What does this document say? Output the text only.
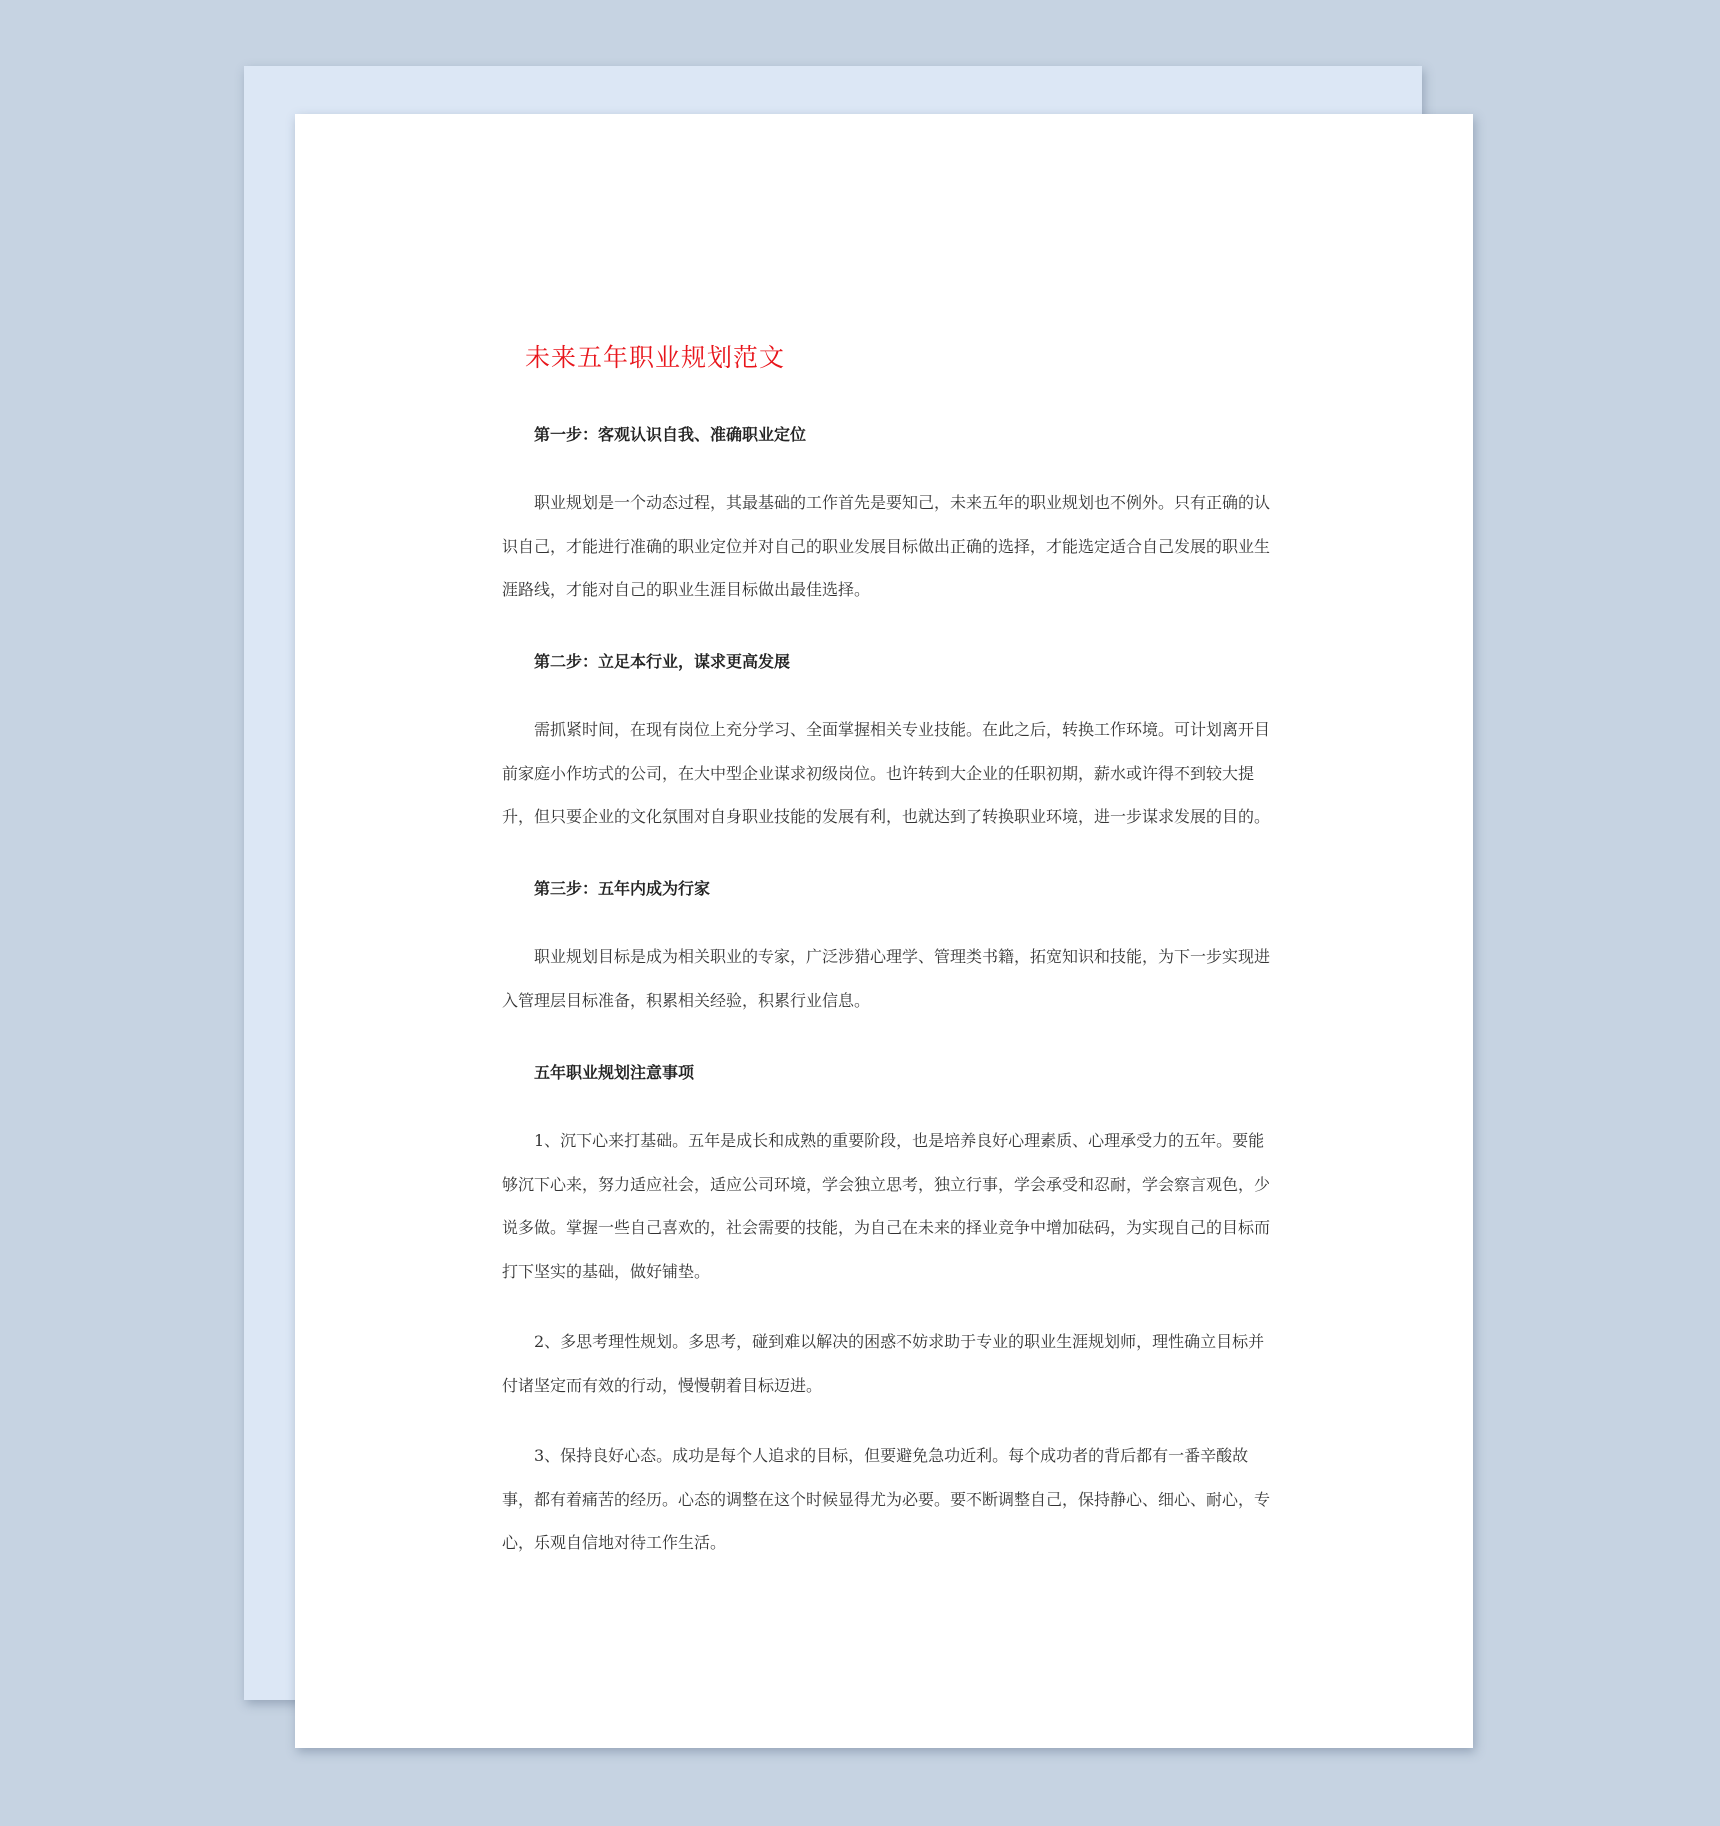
未来五年职业规划范文
第一步：客观认识自我、准确职业定位

职业规划是一个动态过程，其最基础的工作首先是要知己，未来五年的职业规划也不例外。只有正确的认识自己，才能进行准确的职业定位并对自己的职业发展目标做出正确的选择，才能选定适合自己发展的职业生涯路线，才能对自己的职业生涯目标做出最佳选择。

第二步：立足本行业，谋求更高发展

需抓紧时间，在现有岗位上充分学习、全面掌握相关专业技能。在此之后，转换工作环境。可计划离开目前家庭小作坊式的公司，在大中型企业谋求初级岗位。也许转到大企业的任职初期，薪水或许得不到较大提升，但只要企业的文化氛围对自身职业技能的发展有利，也就达到了转换职业环境，进一步谋求发展的目的。

第三步：五年内成为行家

职业规划目标是成为相关职业的专家，广泛涉猎心理学、管理类书籍，拓宽知识和技能，为下一步实现进入管理层目标准备，积累相关经验，积累行业信息。

五年职业规划注意事项

1、沉下心来打基础。五年是成长和成熟的重要阶段，也是培养良好心理素质、心理承受力的五年。要能够沉下心来，努力适应社会，适应公司环境，学会独立思考，独立行事，学会承受和忍耐，学会察言观色，少说多做。掌握一些自己喜欢的，社会需要的技能，为自己在未来的择业竞争中增加砝码，为实现自己的目标而打下坚实的基础，做好铺垫。

2、多思考理性规划。多思考，碰到难以解决的困惑不妨求助于专业的职业生涯规划师，理性确立目标并付诸坚定而有效的行动，慢慢朝着目标迈进。

3、保持良好心态。成功是每个人追求的目标，但要避免急功近利。每个成功者的背后都有一番辛酸故事，都有着痛苦的经历。心态的调整在这个时候显得尤为必要。要不断调整自己，保持静心、细心、耐心，专心，乐观自信地对待工作生活。
